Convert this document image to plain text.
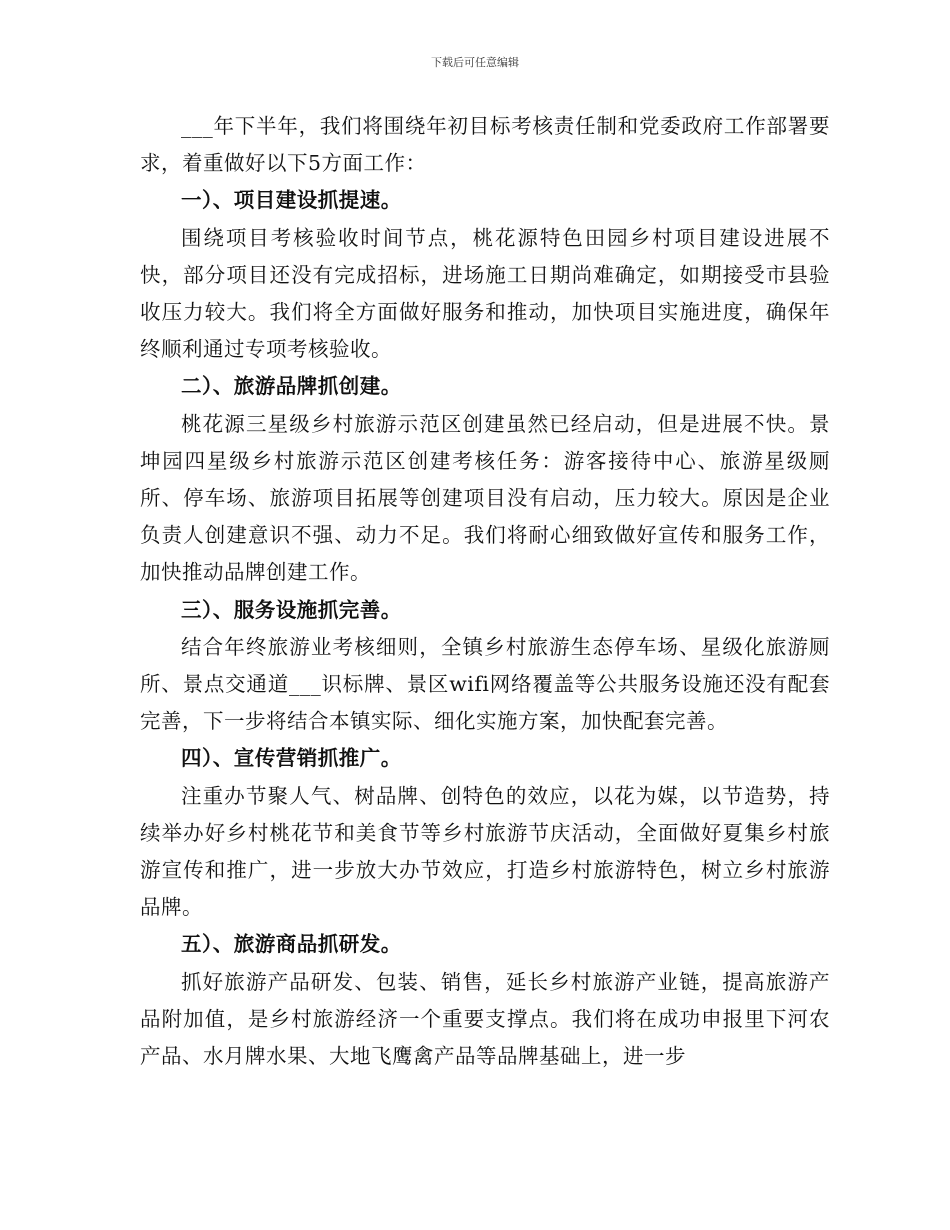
下载后可任意编辑

___年下半年，我们将围绕年初目标考核责任制和党委政府工作部署要求，着重做好以下5方面工作：

一）、项目建设抓提速。

围绕项目考核验收时间节点，桃花源特色田园乡村项目建设进展不快，部分项目还没有完成招标，进场施工日期尚难确定，如期接受市县验收压力较大。我们将全方面做好服务和推动，加快项目实施进度，确保年终顺利通过专项考核验收。

二）、旅游品牌抓创建。

桃花源三星级乡村旅游示范区创建虽然已经启动，但是进展不快。景坤园四星级乡村旅游示范区创建考核任务：游客接待中心、旅游星级厕所、停车场、旅游项目拓展等创建项目没有启动，压力较大。原因是企业负责人创建意识不强、动力不足。我们将耐心细致做好宣传和服务工作，加快推动品牌创建工作。

三）、服务设施抓完善。

结合年终旅游业考核细则，全镇乡村旅游生态停车场、星级化旅游厕所、景点交通道___识标牌、景区wifi网络覆盖等公共服务设施还没有配套完善，下一步将结合本镇实际、细化实施方案，加快配套完善。

四）、宣传营销抓推广。

注重办节聚人气、树品牌、创特色的效应，以花为媒，以节造势，持续举办好乡村桃花节和美食节等乡村旅游节庆活动，全面做好夏集乡村旅游宣传和推广，进一步放大办节效应，打造乡村旅游特色，树立乡村旅游品牌。

五）、旅游商品抓研发。

抓好旅游产品研发、包装、销售，延长乡村旅游产业链，提高旅游产品附加值，是乡村旅游经济一个重要支撑点。我们将在成功申报里下河农产品、水月牌水果、大地飞鹰禽产品等品牌基础上，进一步
